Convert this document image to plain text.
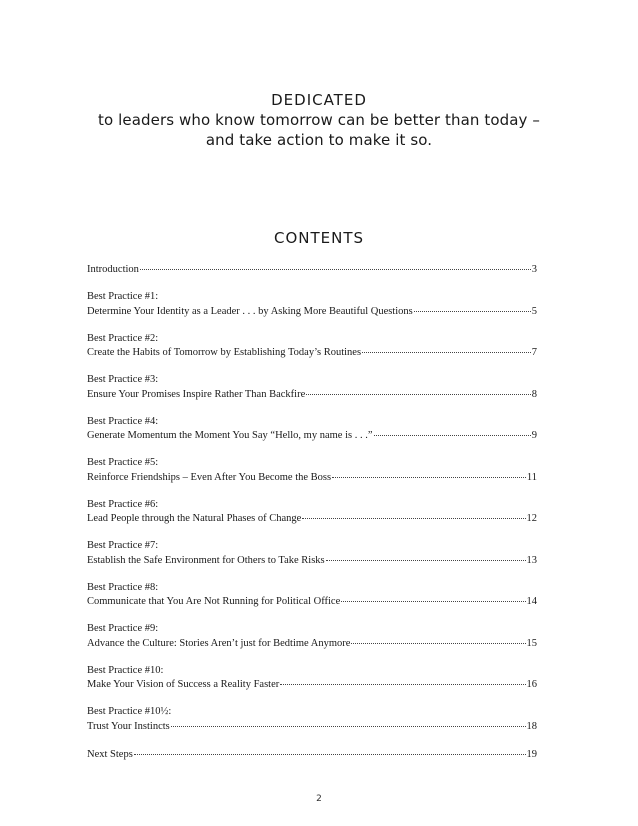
DEDICATED
to leaders who know tomorrow can be better than today –
and take action to make it so.
CONTENTS
Introduction	3
Best Practice #1:
Determine Your Identity as a Leader . . . by Asking More Beautiful Questions	5
Best Practice #2:
Create the Habits of Tomorrow by Establishing Today’s Routines	7
Best Practice #3:
Ensure Your Promises Inspire Rather Than Backfire	8
Best Practice #4:
Generate Momentum the Moment You Say “Hello, my name is . . .”	9
Best Practice #5:
Reinforce Friendships – Even After You Become the Boss	11
Best Practice #6:
Lead People through the Natural Phases of Change	12
Best Practice #7:
Establish the Safe Environment for Others to Take Risks	13
Best Practice #8:
Communicate that You Are Not Running for Political Office	14
Best Practice #9:
Advance the Culture: Stories Aren’t just for Bedtime Anymore	15
Best Practice #10:
Make Your Vision of Success a Reality Faster	16
Best Practice #10½:
Trust Your Instincts	18
Next Steps	19
2
